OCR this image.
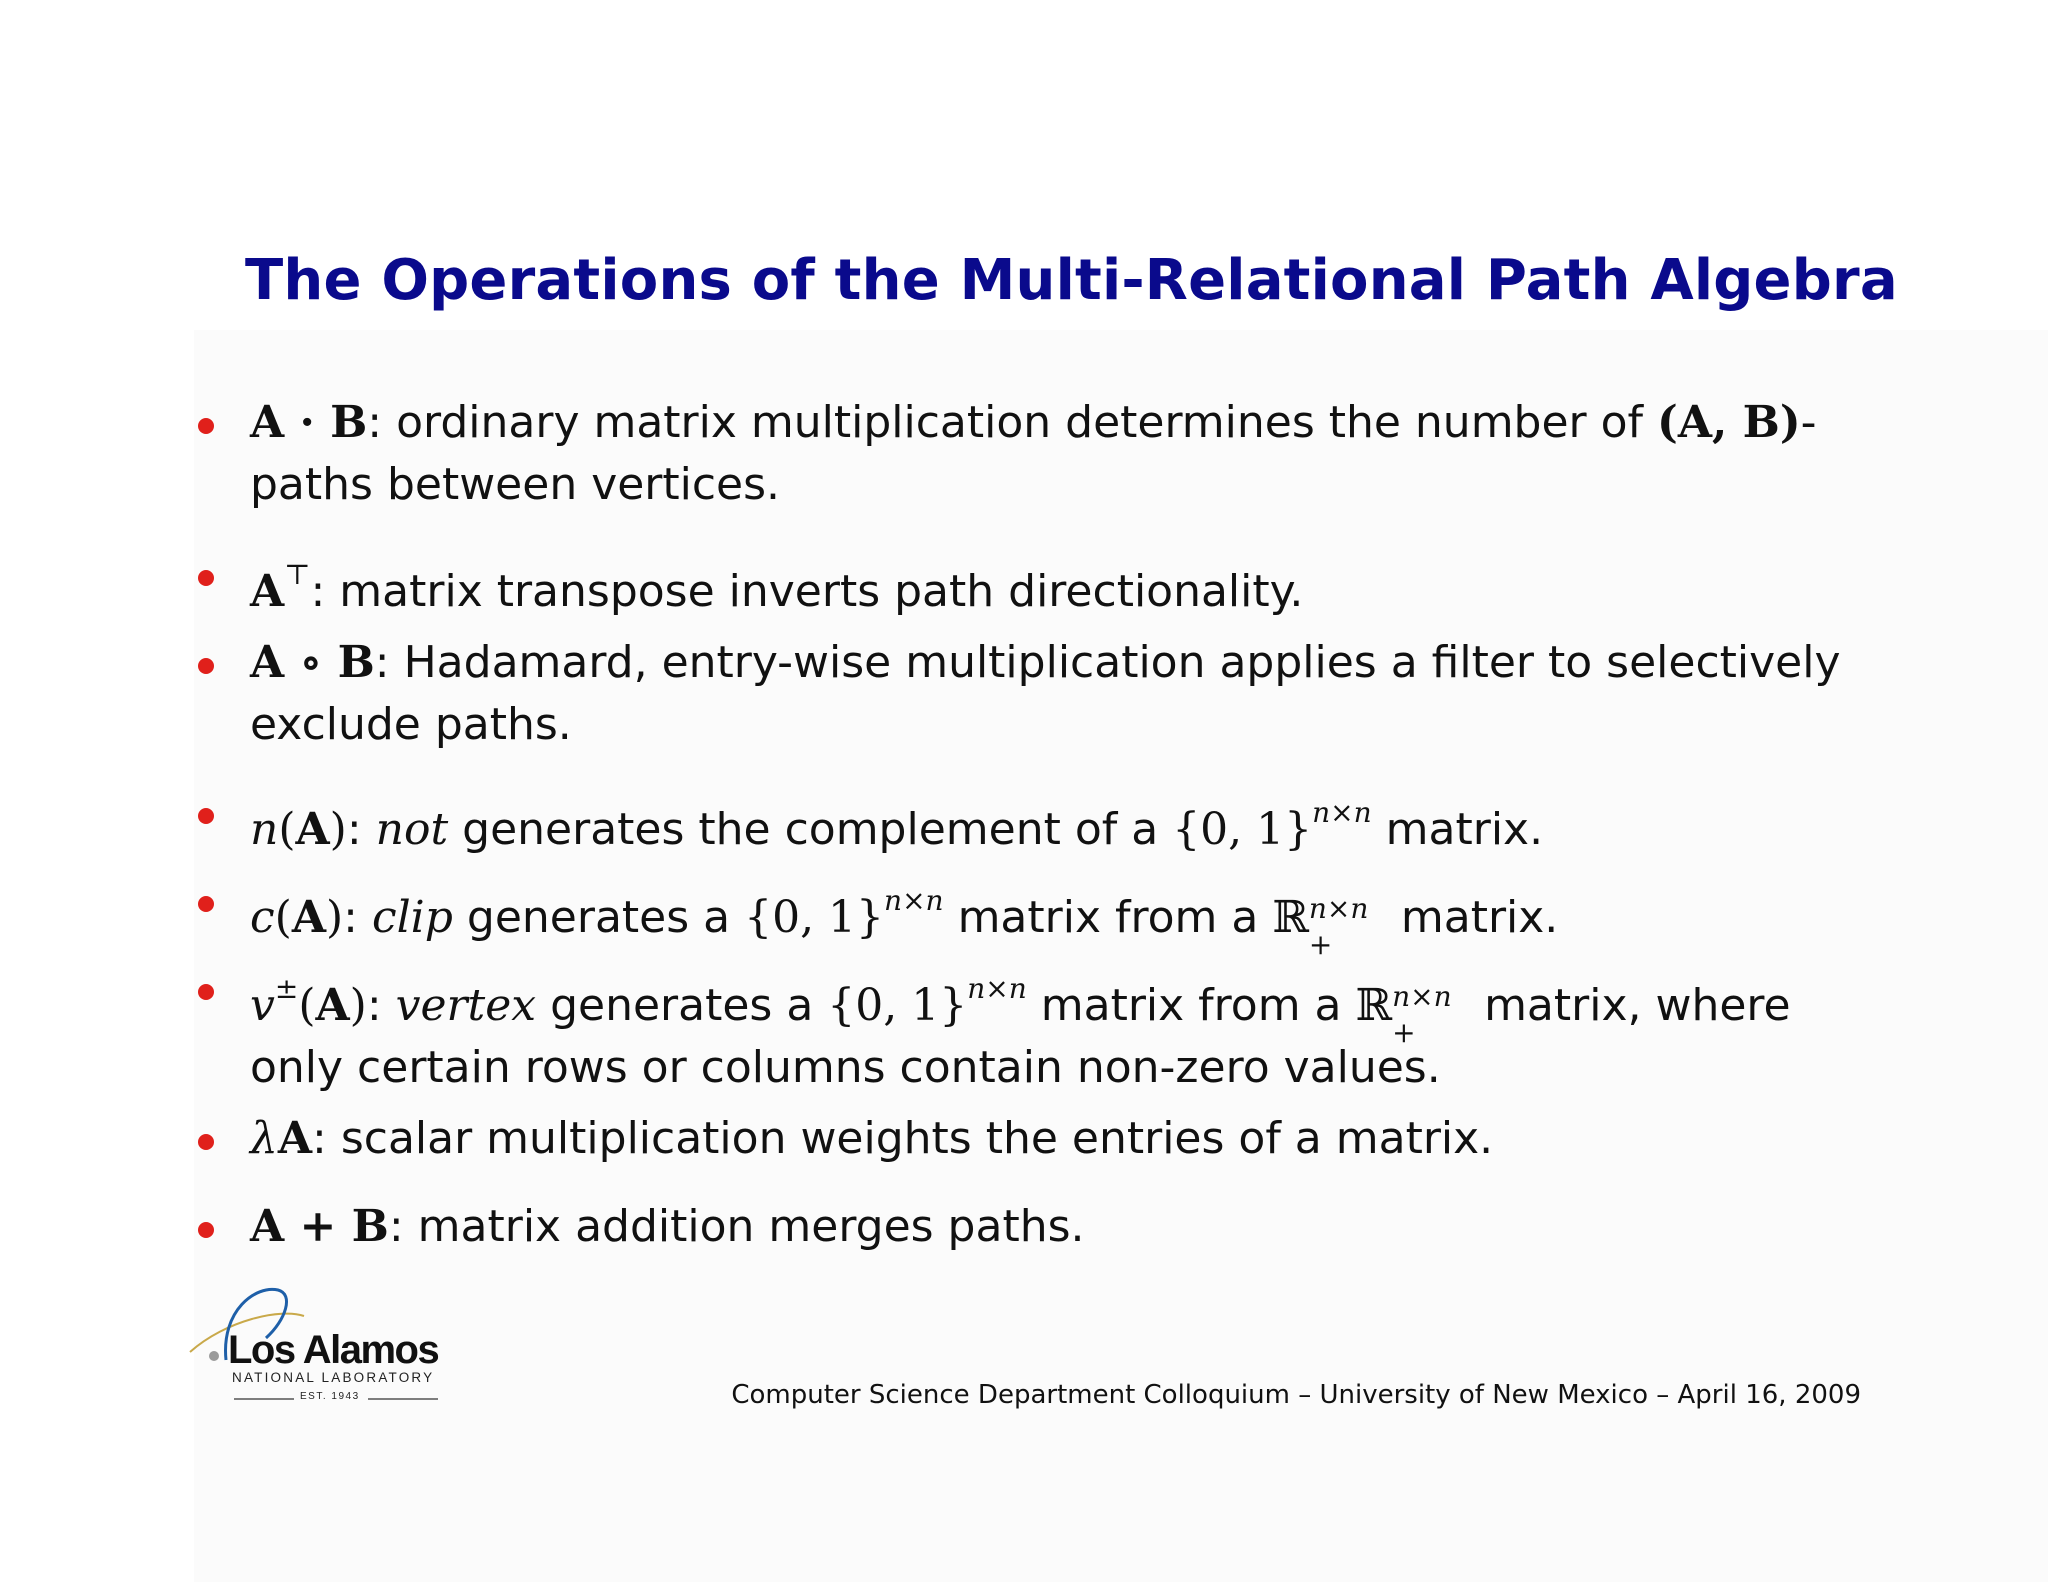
The Operations of the Multi-Relational Path Algebra
A · B: ordinary matrix multiplication determines the number of (A, B)-paths between vertices.
A⊤: matrix transpose inverts path directionality.
A ∘ B: Hadamard, entry-wise multiplication applies a filter to selectively exclude paths.
n(A): not generates the complement of a {0, 1}$^{n\times n}$ matrix.
c(A): clip generates a {0, 1}$^{n\times n}$ matrix from a ℝ n×n
+
matrix.
v±(A): vertex generates a {0, 1}$^{n\times n}$ matrix from a ℝ n×n
+
matrix, where only certain rows or columns contain non-zero values.
λA: scalar multiplication weights the entries of a matrix.
A + B: matrix addition merges paths.
Los Alamos
NATIONAL LABORATORY
EST. 1943	Computer Science Department Colloquium – University of New Mexico – April 16, 2009
